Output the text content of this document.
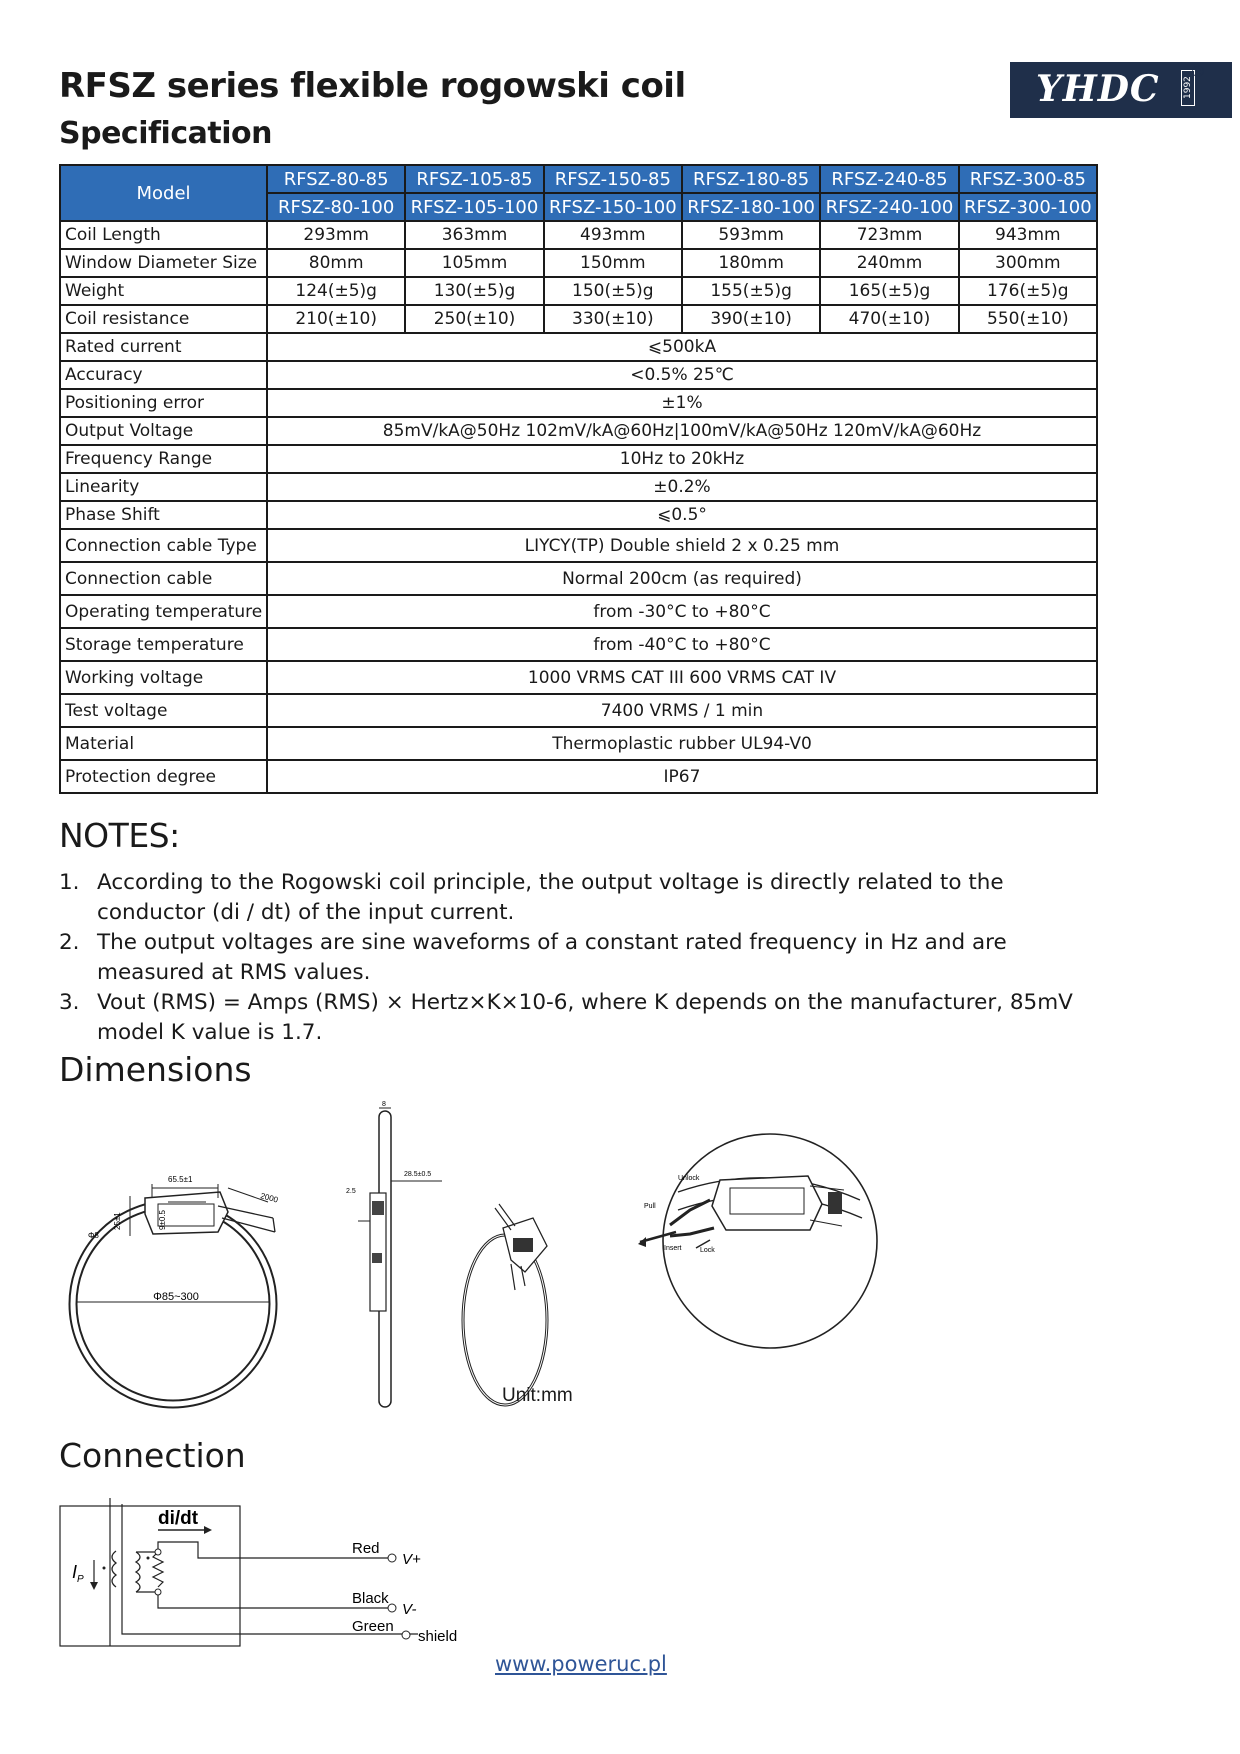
RFSZ series flexible rogowski coil
Specification
YHDC	1992
®
Model	RFSZ-80-85	RFSZ-105-85	RFSZ-150-85	RFSZ-180-85	RFSZ-240-85	RFSZ-300-85
	RFSZ-80-100	RFSZ-105-100	RFSZ-150-100	RFSZ-180-100	RFSZ-240-100	RFSZ-300-100
Coil Length	293mm	363mm	493mm	593mm	723mm	943mm
Window Diameter Size	80mm	105mm	150mm	180mm	240mm	300mm
Weight	124(±5)g	130(±5)g	150(±5)g	155(±5)g	165(±5)g	176(±5)g
Coil resistance	210(±10)	250(±10)	330(±10)	390(±10)	470(±10)	550(±10)
Rated current	⩽500kA					
Accuracy	<0.5% 25℃					
Positioning error	±1%					
Output Voltage	85mV/kA@50Hz 102mV/kA@60Hz|100mV/kA@50Hz 120mV/kA@60Hz					
Frequency Range	10Hz to 20kHz					
Linearity	±0.2%					
Phase Shift	⩽0.5°					
Connection cable Type	LIYCY(TP) Double shield 2 x 0.25 mm					
Connection cable	Normal 200cm (as required)					
Operating temperature	from -30°C to +80°C					
Storage temperature	from -40°C to +80°C					
Working voltage	1000 VRMS CAT III 600 VRMS CAT IV					
Test voltage	7400 VRMS / 1 min					
Material	Thermoplastic rubber UL94-V0					
Protection degree	IP67					
NOTES:
1. According to the Rogowski coil principle, the output voltage is directly related to the conductor (di / dt) of the input current.
2. The output voltages are sine waveforms of a constant rated frequency in Hz and are measured at RMS values.
3. Vout (RMS) = Amps (RMS) × Hertz×K×10-6, where K depends on the manufacturer, 85mV model K value is 1.7.
Dimensions
65.5±1
2000
25±1	9±0.5
Φ8
Φ85~300
8
28.5±0.5
2.5
Unit:mm
Unlock
Pull
Insert	Lock
Connection
di/dt
$I_P$
Red
Black
Green
V+
V-
shield
www.poweruc.pl
